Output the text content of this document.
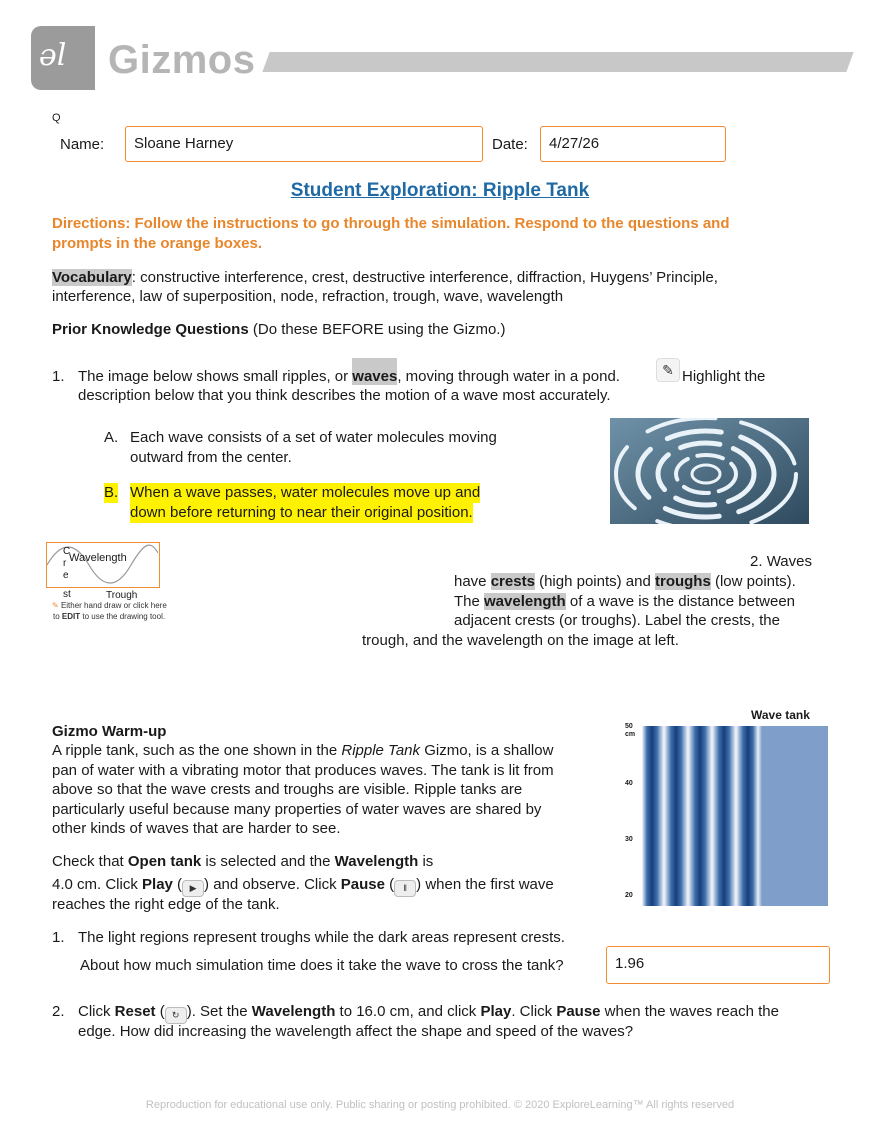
əl Gizmos
Q
Name:	Sloane Harney	Date:	4/27/26
Student Exploration: Ripple Tank
Directions: Follow the instructions to go through the simulation. Respond to the questions and prompts in the orange boxes.
Vocabulary: constructive interference, crest, destructive interference, diffraction, Huygens’ Principle,
interference, law of superposition, node, refraction, trough, wave, wavelength
Prior Knowledge Questions (Do these BEFORE using the Gizmo.)
1. The image below shows small ripples, or waves, moving through water in a pond.	✎ Highlight the
description below that you think describes the motion of a wave most accurately.
A. Each wave consists of a set of water molecules moving
outward from the center.
B. When a wave passes, water molecules move up and
down before returning to near their original position.
C
r
e
Wavelength
st	Trough
✎ Either hand draw or click here
to EDIT to use the drawing tool.
2. Waves
have crests (high points) and troughs (low points).
The wavelength of a wave is the distance between
adjacent crests (or troughs). Label the crests, the
trough, and the wavelength on the image at left.
Gizmo Warm-up
A ripple tank, such as the one shown in the Ripple Tank Gizmo, is a shallow
pan of water with a vibrating motor that produces waves. The tank is lit from
above so that the wave crests and troughs are visible. Ripple tanks are
particularly useful because many properties of water waves are shared by
other kinds of waves that are harder to see.
Check that Open tank is selected and the Wavelength is
4.0 cm. Click Play ( ▶ ) and observe. Click Pause ( ‖ ) when the first wave
reaches the right edge of the tank.
Wave tank
50
cm
40
30
20
1. The light regions represent troughs while the dark areas represent crests.
About how much simulation time does it take the wave to cross the tank?	1.96
2. Click Reset ( ↻ ). Set the Wavelength to 16.0 cm, and click Play. Click Pause when the waves reach the
edge. How did increasing the wavelength affect the shape and speed of the waves?
Reproduction for educational use only. Public sharing or posting prohibited. © 2020 ExploreLearning™ All rights reserved
